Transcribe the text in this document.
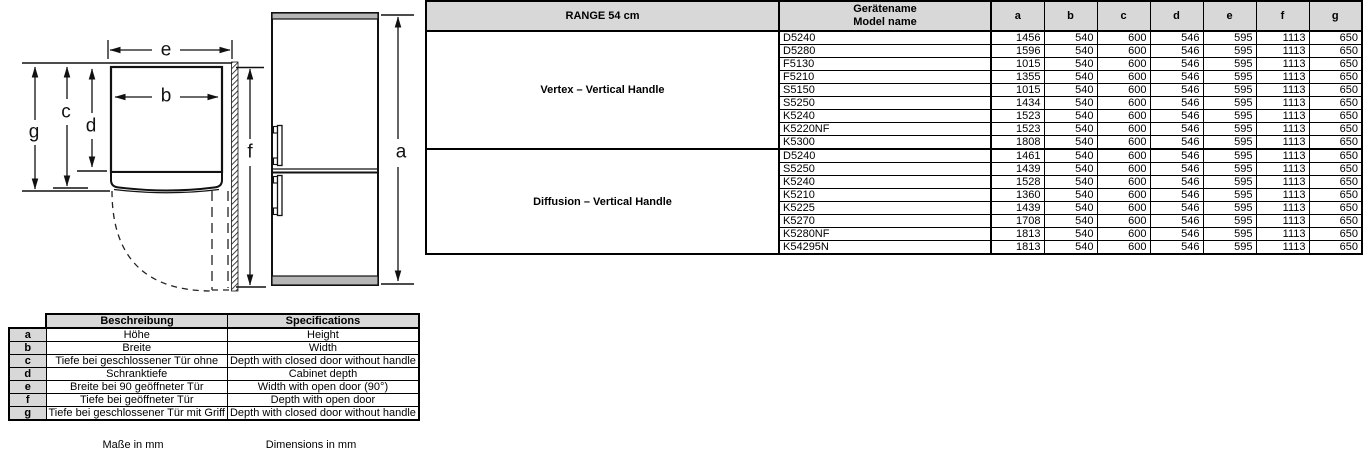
e
b
g
c
d
f	a
RANGE 54 cm	Gerätename
Model name	a	b	c	d	e	f	g
Vertex – Vertical Handle	D5240	1456	540	600	546	595	1113	650
	D5280	1596	540	600	546	595	1113	650
	F5130	1015	540	600	546	595	1113	650
	F5210	1355	540	600	546	595	1113	650
	S5150	1015	540	600	546	595	1113	650
	S5250	1434	540	600	546	595	1113	650
	K5240	1523	540	600	546	595	1113	650
	K5220NF	1523	540	600	546	595	1113	650
	K5300	1808	540	600	546	595	1113	650
Diffusion – Vertical Handle	D5240	1461	540	600	546	595	1113	650
	S5250	1439	540	600	546	595	1113	650
	K5240	1528	540	600	546	595	1113	650
	K5210	1360	540	600	546	595	1113	650
	K5225	1439	540	600	546	595	1113	650
	K5270	1708	540	600	546	595	1113	650
	K5280NF	1813	540	600	546	595	1113	650
	K54295N	1813	540	600	546	595	1113	650
	Beschreibung	Specifications
a	Höhe	Height
b	Breite	Width
c	Tiefe bei geschlossener Tür ohne	Depth with closed door without handle
d	Schranktiefe	Cabinet depth
e	Breite bei 90 geöffneter Tür	Width with open door (90°)
f	Tiefe bei geöffneter Tür	Depth with open door
g	Tiefe bei geschlossener Tür mit Griff	Depth with closed door without handle
Maße in mm	Dimensions in mm
